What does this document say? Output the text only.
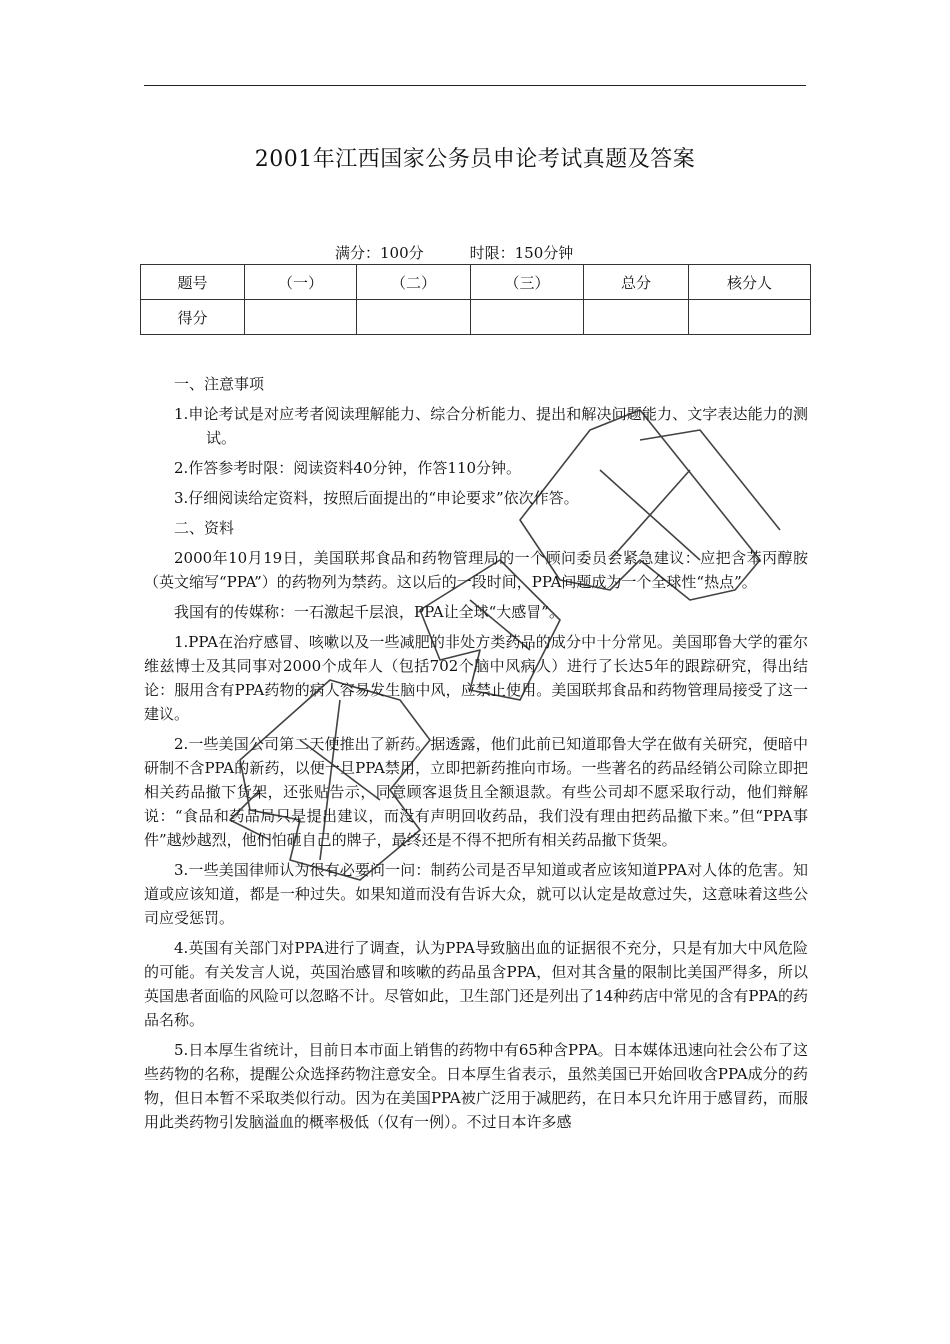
2001年江西国家公务员申论考试真题及答案
满分：100分	时限：150分钟
题号	（一）	（二）	（三）	总分	核分人
得分					

一、注意事项

1.申论考试是对应考者阅读理解能力、综合分析能力、提出和解决问题能力、文字表达能力的测试。

2.作答参考时限：阅读资料40分钟，作答110分钟。

3.仔细阅读给定资料，按照后面提出的“申论要求”依次作答。

二、资料

2000年10月19日，美国联邦食品和药物管理局的一个顾问委员会紧急建议：应把含苯丙醇胺（英文缩写“PPA”）的药物列为禁药。这以后的一段时间，PPA问题成为一个全球性“热点”。

我国有的传媒称：一石激起千层浪，PPA让全球“大感冒”。

1.PPA在治疗感冒、咳嗽以及一些减肥的非处方类药品的成分中十分常见。美国耶鲁大学的霍尔维兹博士及其同事对2000个成年人（包括702个脑中风病人）进行了长达5年的跟踪研究，得出结论：服用含有PPA药物的病人容易发生脑中风，应禁止使用。美国联邦食品和药物管理局接受了这一建议。

2.一些美国公司第二天便推出了新药。据透露，他们此前已知道耶鲁大学在做有关研究，便暗中研制不含PPA的新药，以便一旦PPA禁用，立即把新药推向市场。一些著名的药品经销公司除立即把相关药品撤下货架，还张贴告示，同意顾客退货且全额退款。有些公司却不愿采取行动，他们辩解说：“食品和药品局只是提出建议，而没有声明回收药品，我们没有理由把药品撤下来。”但“PPA事件”越炒越烈，他们怕砸自己的牌子，最终还是不得不把所有相关药品撤下货架。

3.一些美国律师认为很有必要问一问：制药公司是否早知道或者应该知道PPA对人体的危害。知道或应该知道，都是一种过失。如果知道而没有告诉大众，就可以认定是故意过失，这意味着这些公司应受惩罚。

4.英国有关部门对PPA进行了调查，认为PPA导致脑出血的证据很不充分，只是有加大中风危险的可能。有关发言人说，英国治感冒和咳嗽的药品虽含PPA，但对其含量的限制比美国严得多，所以英国患者面临的风险可以忽略不计。尽管如此，卫生部门还是列出了14种药店中常见的含有PPA的药品名称。

5.日本厚生省统计，目前日本市面上销售的药物中有65种含PPA。日本媒体迅速向社会公布了这些药物的名称，提醒公众选择药物注意安全。日本厚生省表示，虽然美国已开始回收含PPA成分的药物，但日本暂不采取类似行动。因为在美国PPA被广泛用于减肥药，在日本只允许用于感冒药，而服用此类药物引发脑溢血的概率极低（仅有一例）。不过日本许多感
